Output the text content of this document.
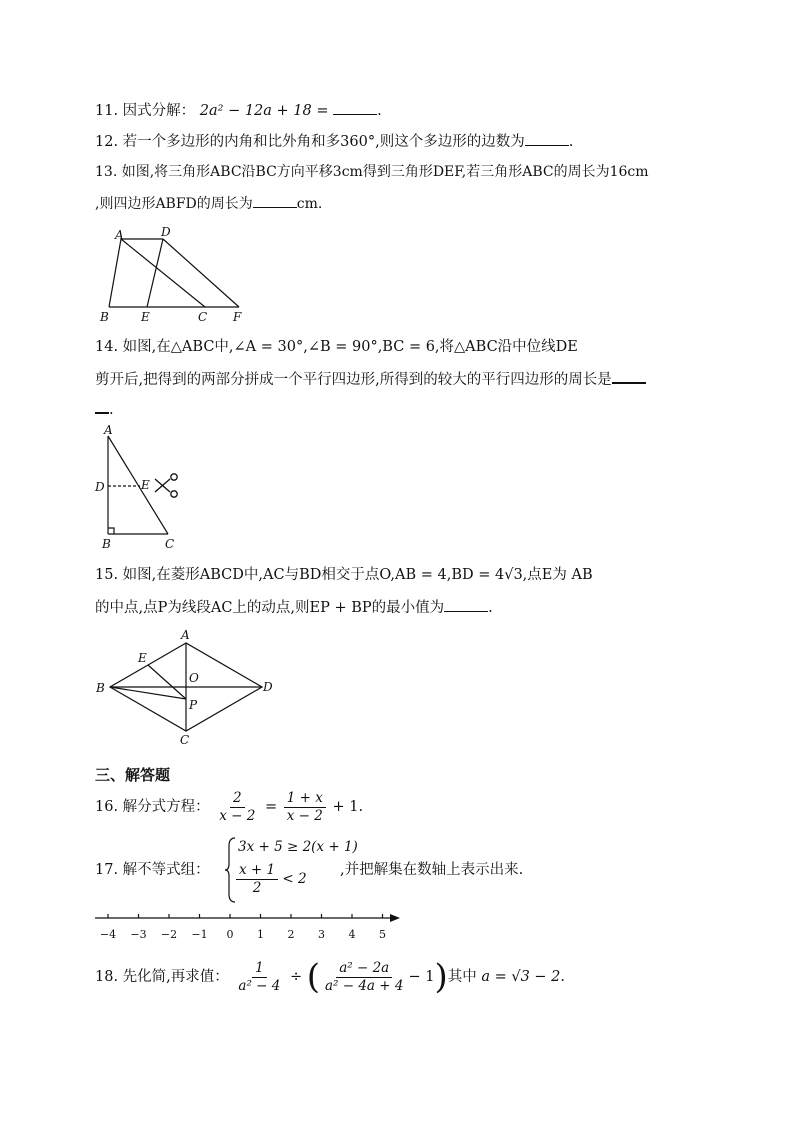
11. 因式分解： 2a² − 12a + 18 =	.
12. 若一个多边形的内角和比外角和多360°,则这个多边形的边数为	.
13. 如图,将三角形ABC沿BC方向平移3cm得到三角形DEF,若三角形ABC的周长为16cm
,则四边形ABFD的周长为	cm.
A	D
B	E	C F
14. 如图,在△ABC中,∠A = 30°,∠B = 90°,BC = 6,将△ABC沿中位线DE
剪开后,把得到的两部分拼成一个平行四边形,所得到的较大的平行四边形的周长是
.
A
D	E
B	C
15. 如图,在菱形ABCD中,AC与BD相交于点O,AB = 4,BD = 4√3,点E为 AB
的中点,点P为线段AC上的动点,则EP + BP的最小值为	.
A
E
O
B	D
P
C
三、解答题
16. 解分式方程： $\frac{2}{x - 2} = \frac{1 + x}{x - 2} + 1$.
17. 解不等式组：
3x + 5 ≥ 2(x + 1)
$\frac{x + 1}{2} < 2$
,并把解集在数轴上表示出来.
−4 −3 −2 −1 0 1 2 3 4 5
18. 先化简,再求值： $\frac{1}{\text{a² − 4}}$ ÷ ( $\frac{\text{a² − 2a}}{\text{a² − 4a + 4}} - 1$)其中 a = √3 − 2.
